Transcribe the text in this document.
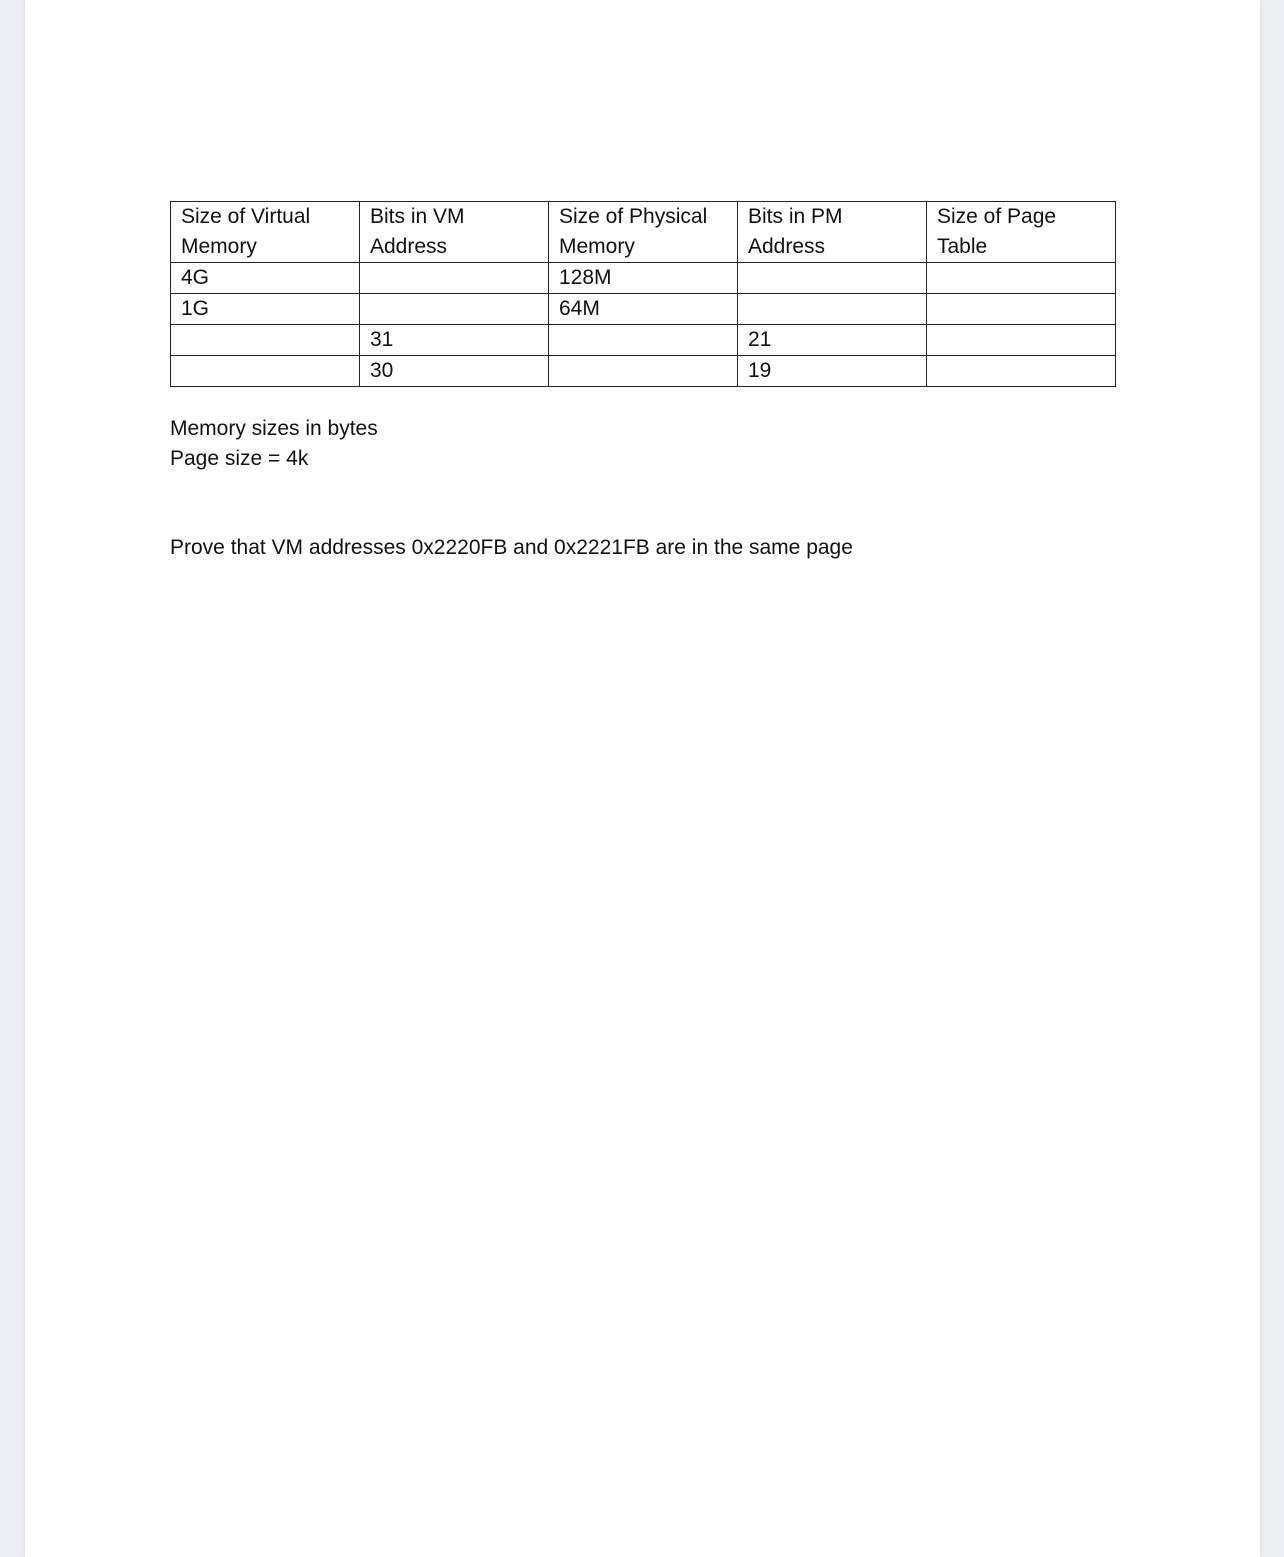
Size of Virtual Memory	Bits in VM Address	Size of Physical Memory	Bits in PM Address	Size of Page Table
4G		128M		
1G		64M		
	31		21	
	30		19	
Memory sizes in bytes
Page size = 4k
Prove that VM addresses 0x2220FB and 0x2221FB are in the same page
